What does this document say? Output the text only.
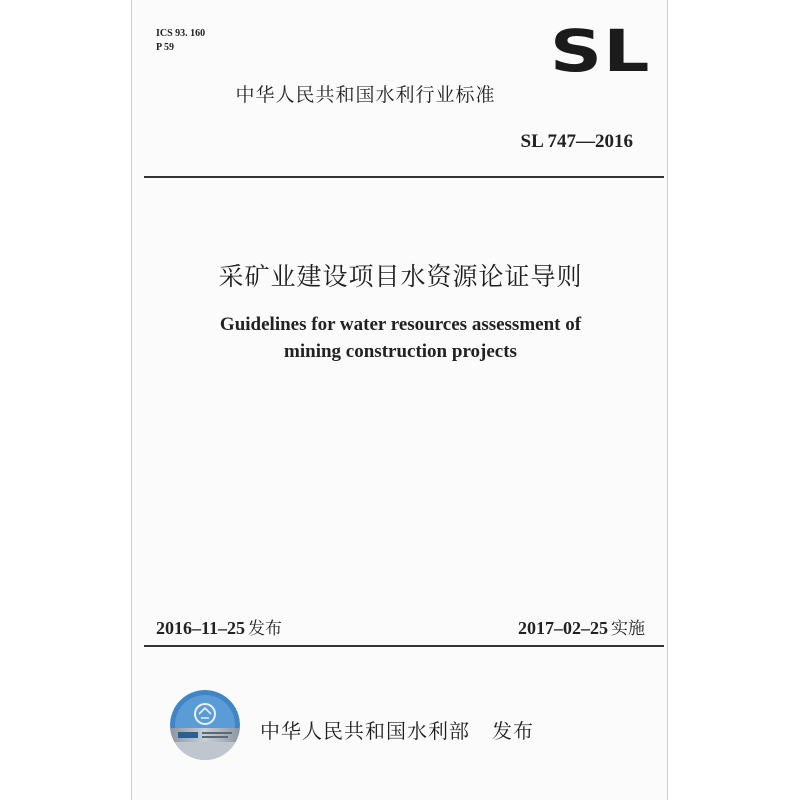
ICS 93. 160
P 59	SL
中华人民共和国水利行业标准
SL 747—2016
采矿业建设项目水资源论证导则
Guidelines for water resources assessment of
mining construction projects
2016–11–25 发布	2017–02–25 实施
中华人民共和国水利部 发布
